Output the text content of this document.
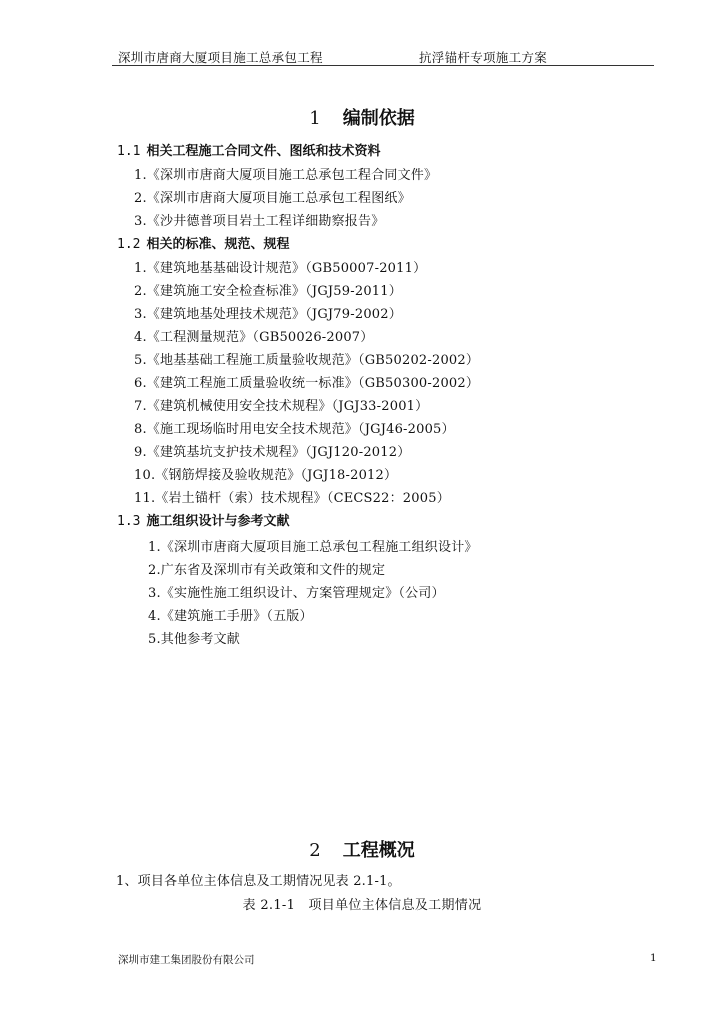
深圳市唐商大厦项目施工总承包工程	抗浮锚杆专项施工方案
1 编制依据
1.1 相关工程施工合同文件、图纸和技术资料
1.《深圳市唐商大厦项目施工总承包工程合同文件》
2.《深圳市唐商大厦项目施工总承包工程图纸》
3.《沙井德普项目岩土工程详细勘察报告》
1.2 相关的标准、规范、规程
1.《建筑地基基础设计规范》（GB50007-2011）
2.《建筑施工安全检查标准》（JGJ59-2011）
3.《建筑地基处理技术规范》（JGJ79-2002）
4.《工程测量规范》（GB50026-2007）
5.《地基基础工程施工质量验收规范》（GB50202-2002）
6.《建筑工程施工质量验收统一标准》（GB50300-2002）
7.《建筑机械使用安全技术规程》（JGJ33-2001）
8.《施工现场临时用电安全技术规范》（JGJ46-2005）
9.《建筑基坑支护技术规程》（JGJ120-2012）
10.《钢筋焊接及验收规范》（JGJ18-2012）
11.《岩土锚杆（索）技术规程》（CECS22：2005）
1.3 施工组织设计与参考文献
1.《深圳市唐商大厦项目施工总承包工程施工组织设计》
2.广东省及深圳市有关政策和文件的规定
3.《实施性施工组织设计、方案管理规定》（公司）
4.《建筑施工手册》（五版）
5.其他参考文献
2 工程概况
1、项目各单位主体信息及工期情况见表 2.1-1。
表 2.1-1　项目单位主体信息及工期情况
深圳市建工集团股份有限公司	1
